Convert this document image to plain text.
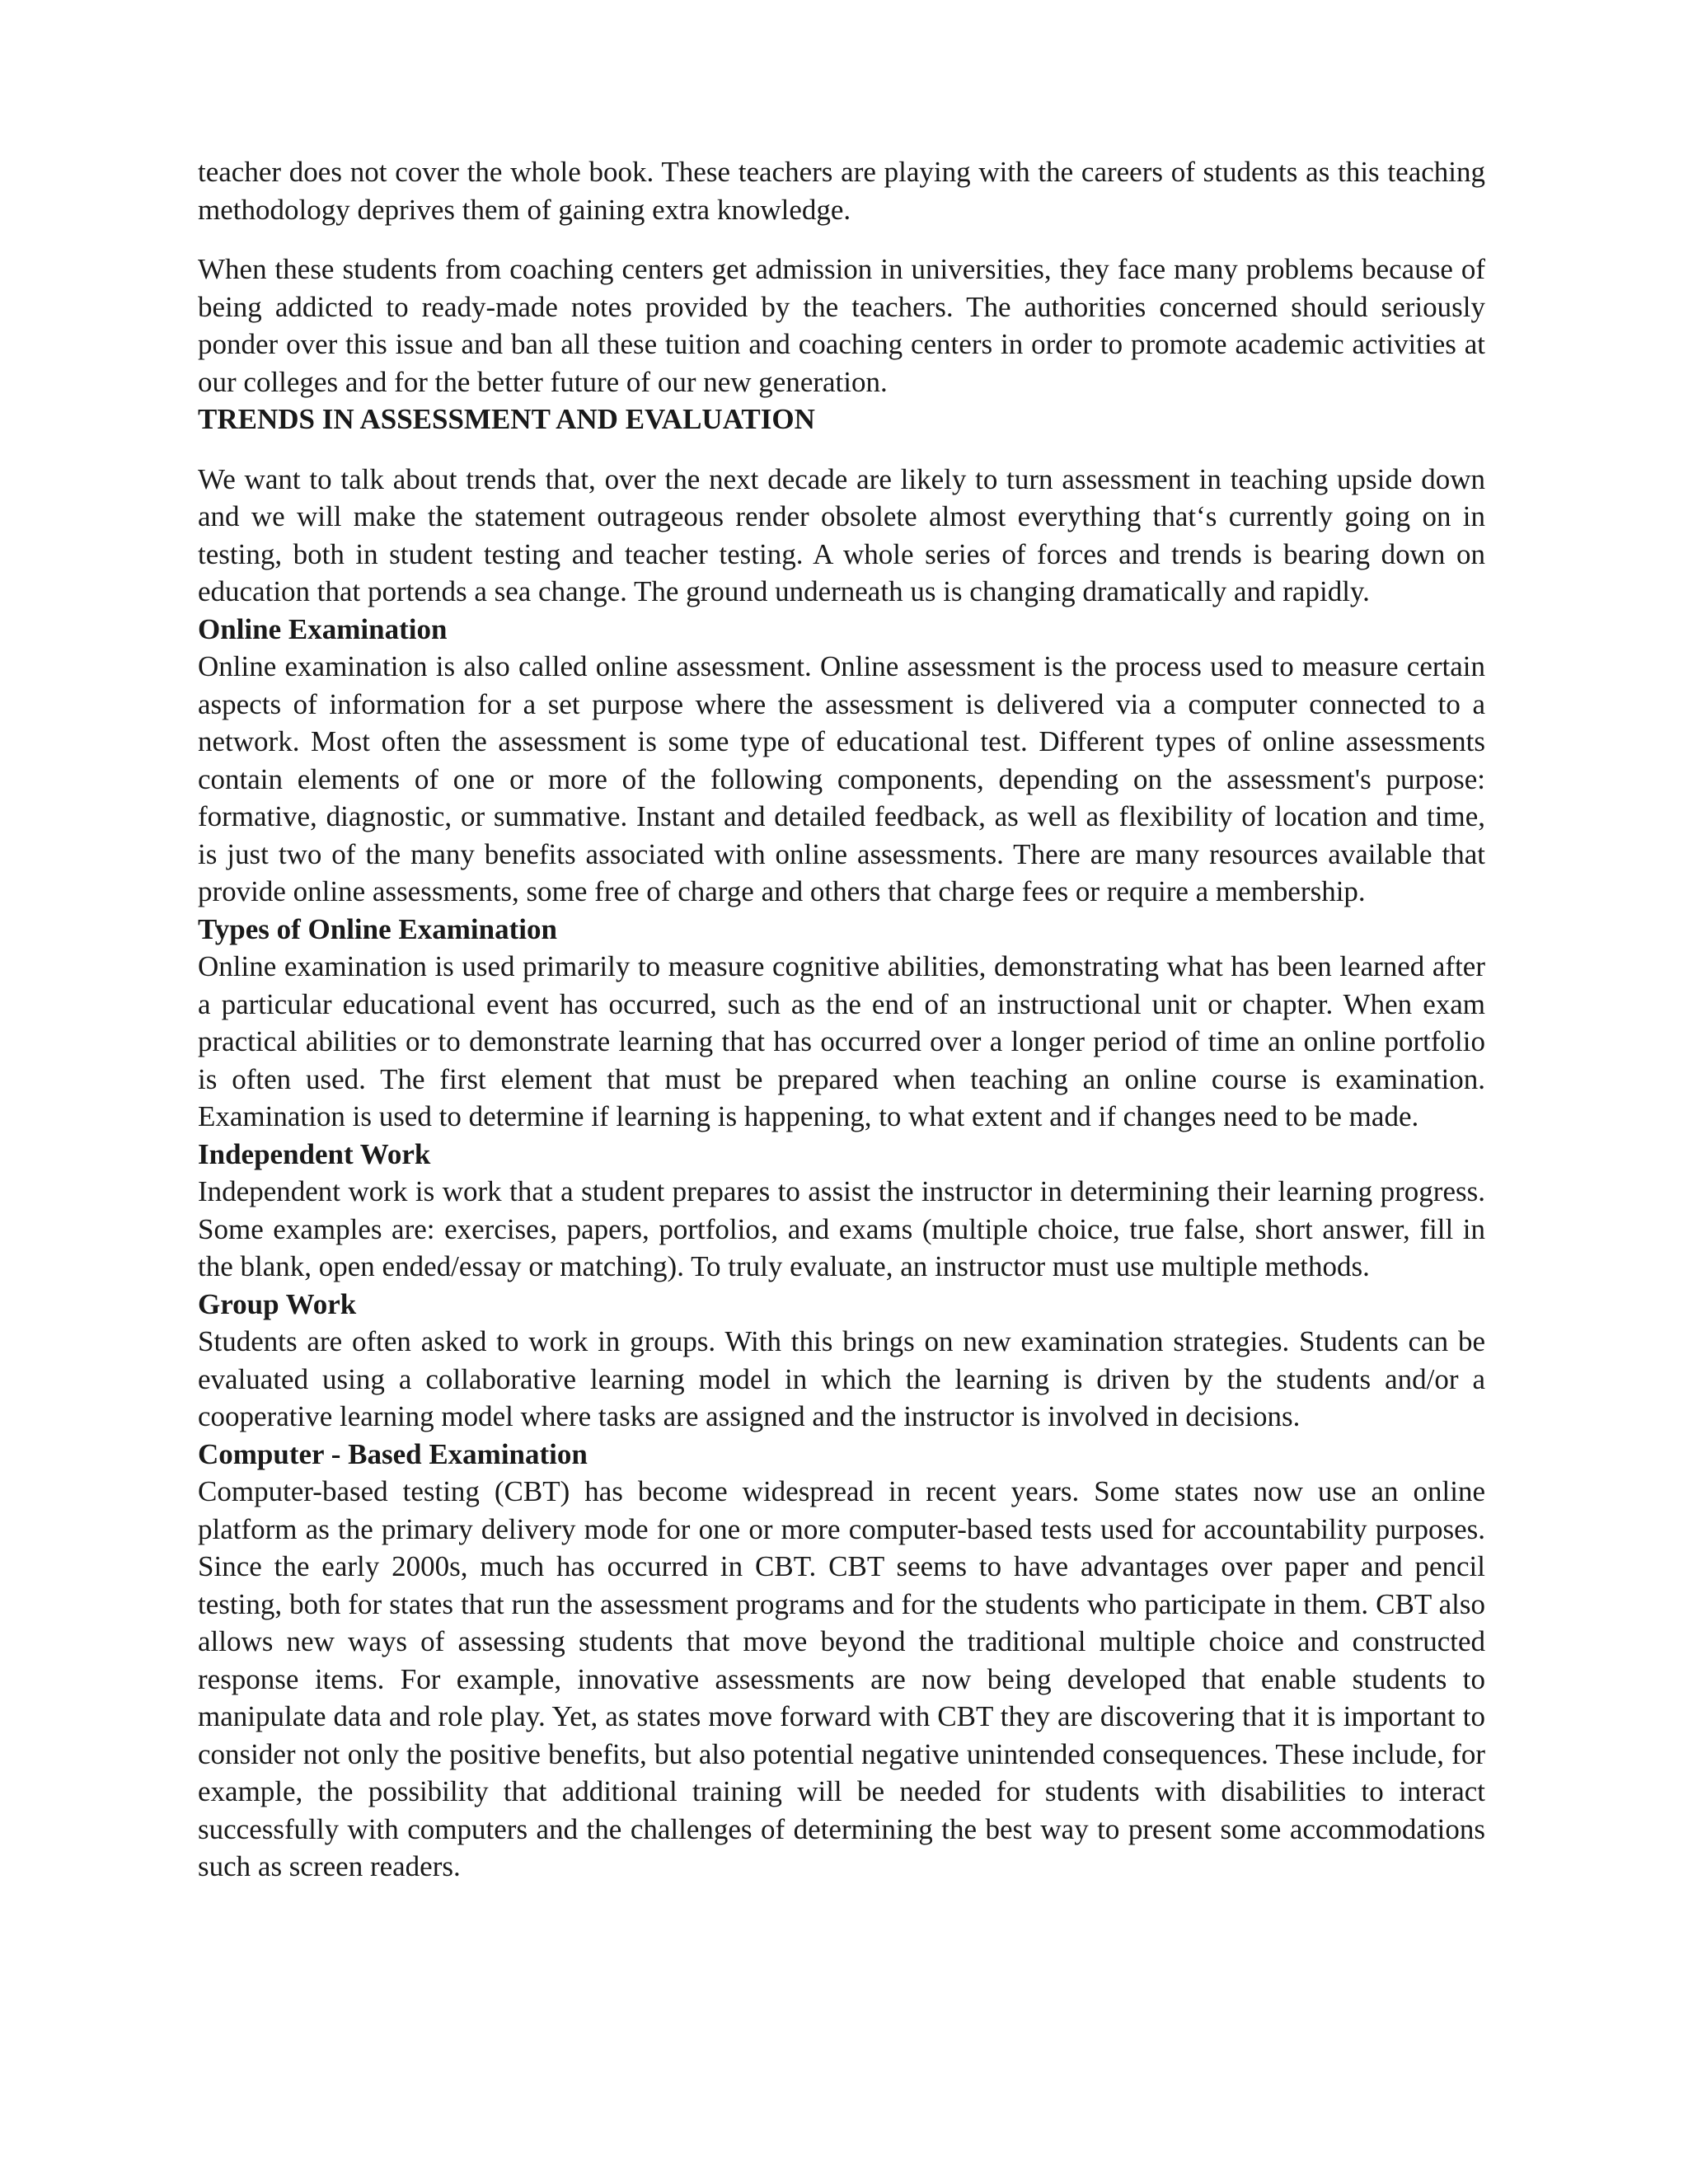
teacher does not cover the whole book. These teachers are playing with the careers of students as this teaching methodology deprives them of gaining extra knowledge.

When these students from coaching centers get admission in universities, they face many problems because of being addicted to ready-made notes provided by the teachers. The authorities concerned should seriously ponder over this issue and ban all these tuition and coaching centers in order to promote academic activities at our colleges and for the better future of our new generation.

TRENDS IN ASSESSMENT AND EVALUATION

We want to talk about trends that, over the next decade are likely to turn assessment in teaching upside down and we will make the statement outrageous render obsolete almost everything that‘s currently going on in testing, both in student testing and teacher testing. A whole series of forces and trends is bearing down on education that portends a sea change. The ground underneath us is changing dramatically and rapidly.

Online Examination

Online examination is also called online assessment. Online assessment is the process used to measure certain aspects of information for a set purpose where the assessment is delivered via a computer connected to a network. Most often the assessment is some type of educational test. Different types of online assessments contain elements of one or more of the following components, depending on the assessment's purpose: formative, diagnostic, or summative. Instant and detailed feedback, as well as flexibility of location and time, is just two of the many benefits associated with online assessments. There are many resources available that provide online assessments, some free of charge and others that charge fees or require a membership.

Types of Online Examination

Online examination is used primarily to measure cognitive abilities, demonstrating what has been learned after a particular educational event has occurred, such as the end of an instructional unit or chapter. When exam practical abilities or to demonstrate learning that has occurred over a longer period of time an online portfolio is often used. The first element that must be prepared when teaching an online course is examination. Examination is used to determine if learning is happening, to what extent and if changes need to be made.

Independent Work

Independent work is work that a student prepares to assist the instructor in determining their learning progress. Some examples are: exercises, papers, portfolios, and exams (multiple choice, true false, short answer, fill in the blank, open ended/essay or matching). To truly evaluate, an instructor must use multiple methods.

Group Work

Students are often asked to work in groups. With this brings on new examination strategies. Students can be evaluated using a collaborative learning model in which the learning is driven by the students and/or a cooperative learning model where tasks are assigned and the instructor is involved in decisions.

Computer - Based Examination

Computer-based testing (CBT) has become widespread in recent years. Some states now use an online platform as the primary delivery mode for one or more computer-based tests used for accountability purposes. Since the early 2000s, much has occurred in CBT. CBT seems to have advantages over paper and pencil testing, both for states that run the assessment programs and for the students who participate in them. CBT also allows new ways of assessing students that move beyond the traditional multiple choice and constructed response items. For example, innovative assessments are now being developed that enable students to manipulate data and role play. Yet, as states move forward with CBT they are discovering that it is important to consider not only the positive benefits, but also potential negative unintended consequences. These include, for example, the possibility that additional training will be needed for students with disabilities to interact successfully with computers and the challenges of determining the best way to present some accommodations such as screen readers.
